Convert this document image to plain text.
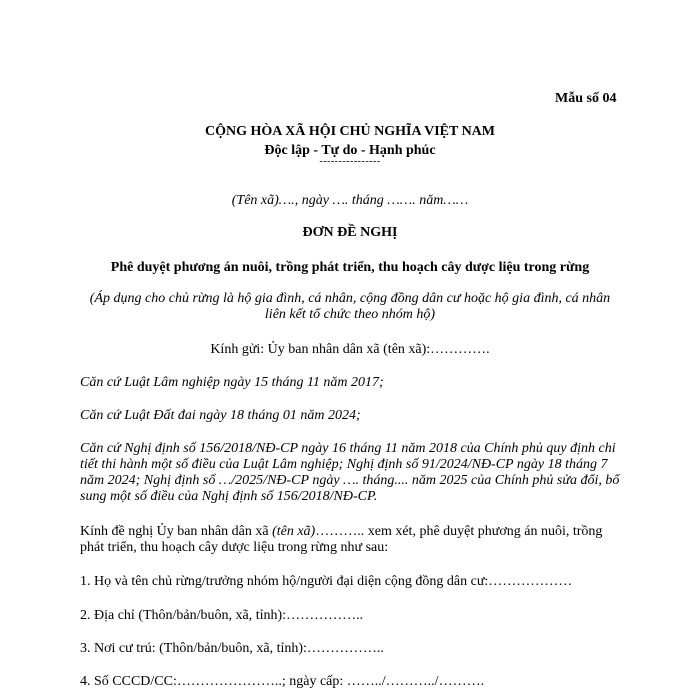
Mẫu số 04
CỘNG HÒA XÃ HỘI CHỦ NGHĨA VIỆT NAM
Độc lập - Tự do - Hạnh phúc
----------------
(Tên xã)…., ngày …. tháng ……. năm……
ĐƠN ĐỀ NGHỊ
Phê duyệt phương án nuôi, trồng phát triển, thu hoạch cây dược liệu trong rừng
(Áp dụng cho chủ rừng là hộ gia đình, cá nhân, cộng đồng dân cư hoặc hộ gia đình, cá nhân liên kết tổ chức theo nhóm hộ)
Kính gửi: Ủy ban nhân dân xã (tên xã):………….
Căn cứ Luật Lâm nghiệp ngày 15 tháng 11 năm 2017;
Căn cứ Luật Đất đai ngày 18 tháng 01 năm 2024;
Căn cứ Nghị định số 156/2018/NĐ-CP ngày 16 tháng 11 năm 2018 của Chính phủ quy định chi tiết thi hành một số điều của Luật Lâm nghiệp; Nghị định số 91/2024/NĐ-CP ngày 18 tháng 7 năm 2024; Nghị định số …/2025/NĐ-CP ngày …. tháng.... năm 2025 của Chính phủ sửa đổi, bổ sung một số điều của Nghị định số 156/2018/NĐ-CP.
Kính đề nghị Ủy ban nhân dân xã (tên xã)……….. xem xét, phê duyệt phương án nuôi, trồng phát triển, thu hoạch cây dược liệu trong rừng như sau:
1. Họ và tên chủ rừng/trưởng nhóm hộ/người đại diện cộng đồng dân cư:………………
2. Địa chỉ (Thôn/bản/buôn, xã, tỉnh):……………..
3. Nơi cư trú: (Thôn/bản/buôn, xã, tỉnh):……………..
4. Số CCCD/CC:…………………..; ngày cấp: ……../………../……….
